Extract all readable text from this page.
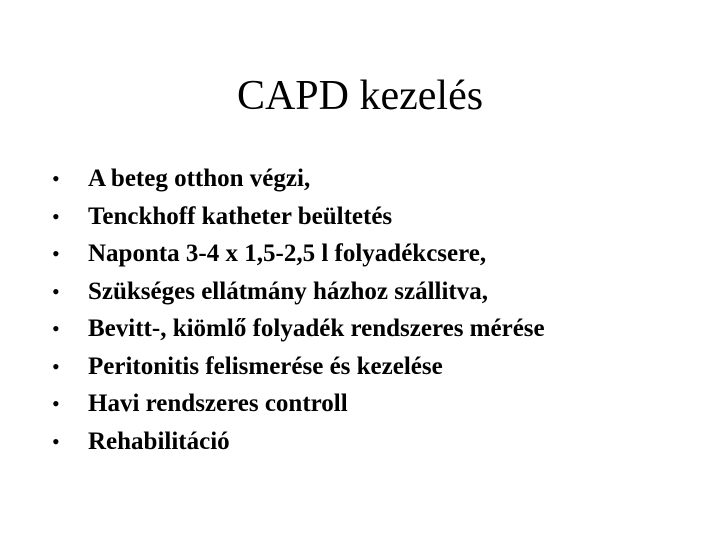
CAPD kezelés
•	A beteg otthon végzi,
•	Tenckhoff katheter beültetés
•	Naponta 3-4 x 1,5-2,5 l folyadékcsere,
•	Szükséges ellátmány házhoz szállitva,
•	Bevitt-, kiömlő folyadék rendszeres mérése
•	Peritonitis felismerése és kezelése
•	Havi rendszeres controll
•	Rehabilitáció
